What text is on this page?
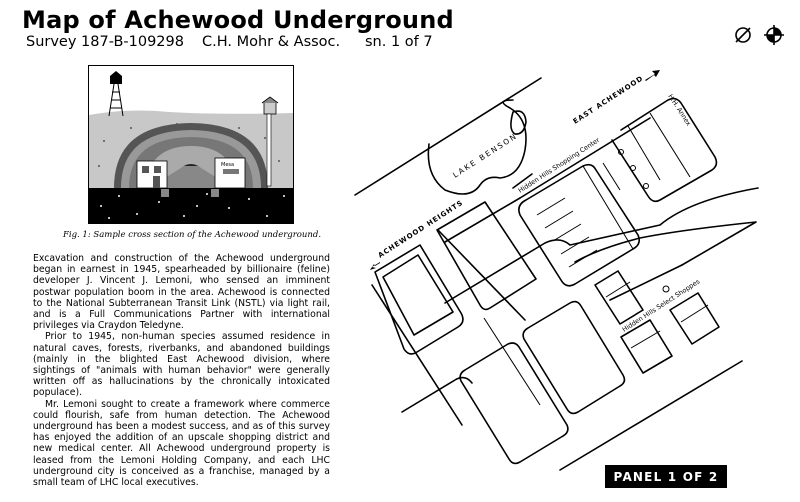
Map of Achewood Underground
Survey 187-B-109298	C.H. Mohr & Assoc.	sn. 1 of 7
Mesa
Fig. 1: Sample cross section of the Achewood underground.

Excavation and construction of the Achewood underground began in earnest in 1945, spearheaded by billionaire (feline) developer J. Vincent J. Lemoni, who sensed an imminent postwar population boom in the area. Achewood is connected to the National Subterranean Transit Link (NSTL) via light rail, and is a Full Communications Partner with international privileges via Craydon Teledyne.

Prior to 1945, non-human species assumed residence in natural caves, forests, riverbanks, and abandoned buildings (mainly in the blighted East Achewood division, where sightings of "animals with human behavior" were generally written off as hallucinations by the chronically intoxicated populace).

Mr. Lemoni sought to create a framework where commerce could flourish, safe from human detection. The Achewood underground has been a modest success, and as of this survey has enjoyed the addition of an upscale shopping district and new medical center. All Achewood underground property is leased from the Lemoni Holding Company, and each LHC underground city is conceived as a franchise, managed by a small team of LHC local executives.

LAKE BENSON
EAST ACHEWOOD
ACHEWOOD HEIGHTS
Hidden Hills Shopping Center
H.H. Annex
Hidden Hills Select Shoppes
PANEL 1 OF 2
